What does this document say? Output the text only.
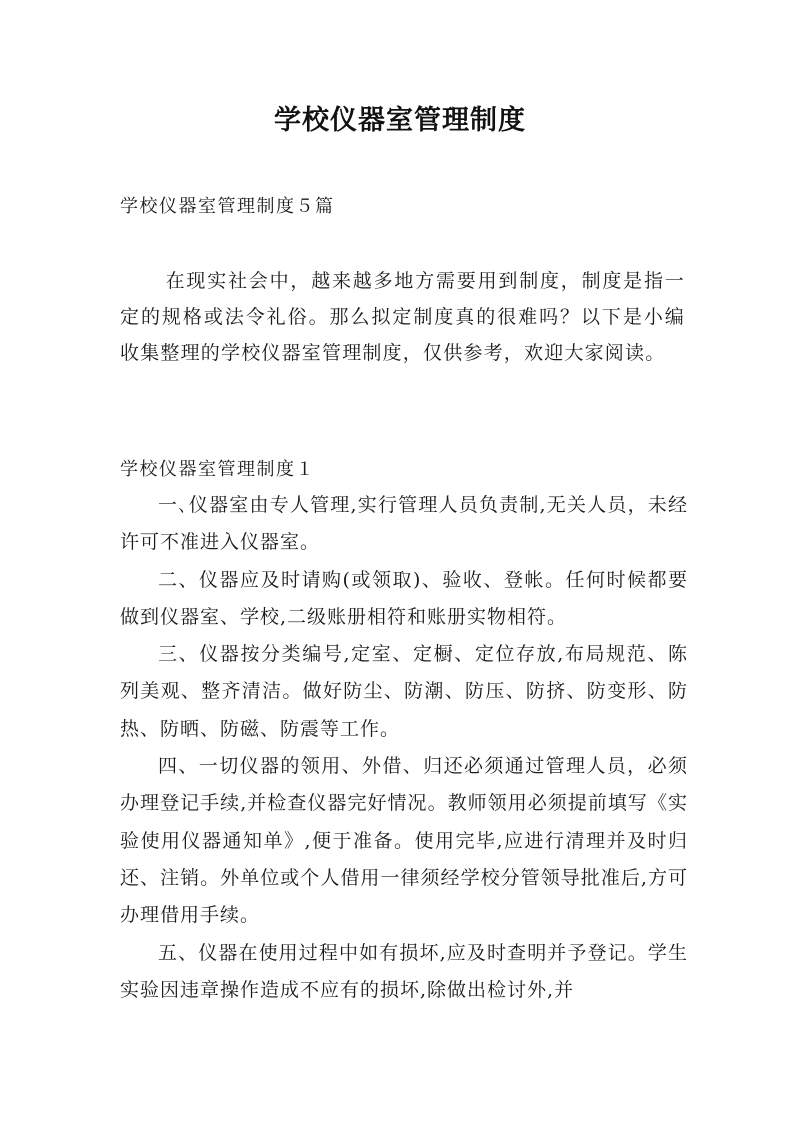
学校仪器室管理制度
学校仪器室管理制度５篇

在现实社会中，越来越多地方需要用到制度，制度是指一定的规格或法令礼俗。那么拟定制度真的很难吗？以下是小编收集整理的学校仪器室管理制度，仅供参考，欢迎大家阅读。

学校仪器室管理制度１

一､仪器室由专人管理,实行管理人员负责制,无关人员，未经许可不准进入仪器室。

二、仪器应及时请购(或领取)、验收、登帐。任何时候都要做到仪器室、学校,二级账册相符和账册实物相符。

三、仪器按分类编号,定室、定橱、定位存放,布局规范、陈列美观、整齐清洁。做好防尘、防潮、防压、防挤、防变形、防热、防晒、防磁、防震等工作。

四、一切仪器的领用、外借、归还必须通过管理人员，必须办理登记手续,并检查仪器完好情况。教师领用必须提前填写《实验使用仪器通知单》,便于准备。使用完毕,应进行清理并及时归还、注销。外单位或个人借用一律须经学校分管领导批准后,方可办理借用手续。

五、仪器在使用过程中如有损坏,应及时查明并予登记。学生实验因违章操作造成不应有的损坏,除做出检讨外,并
